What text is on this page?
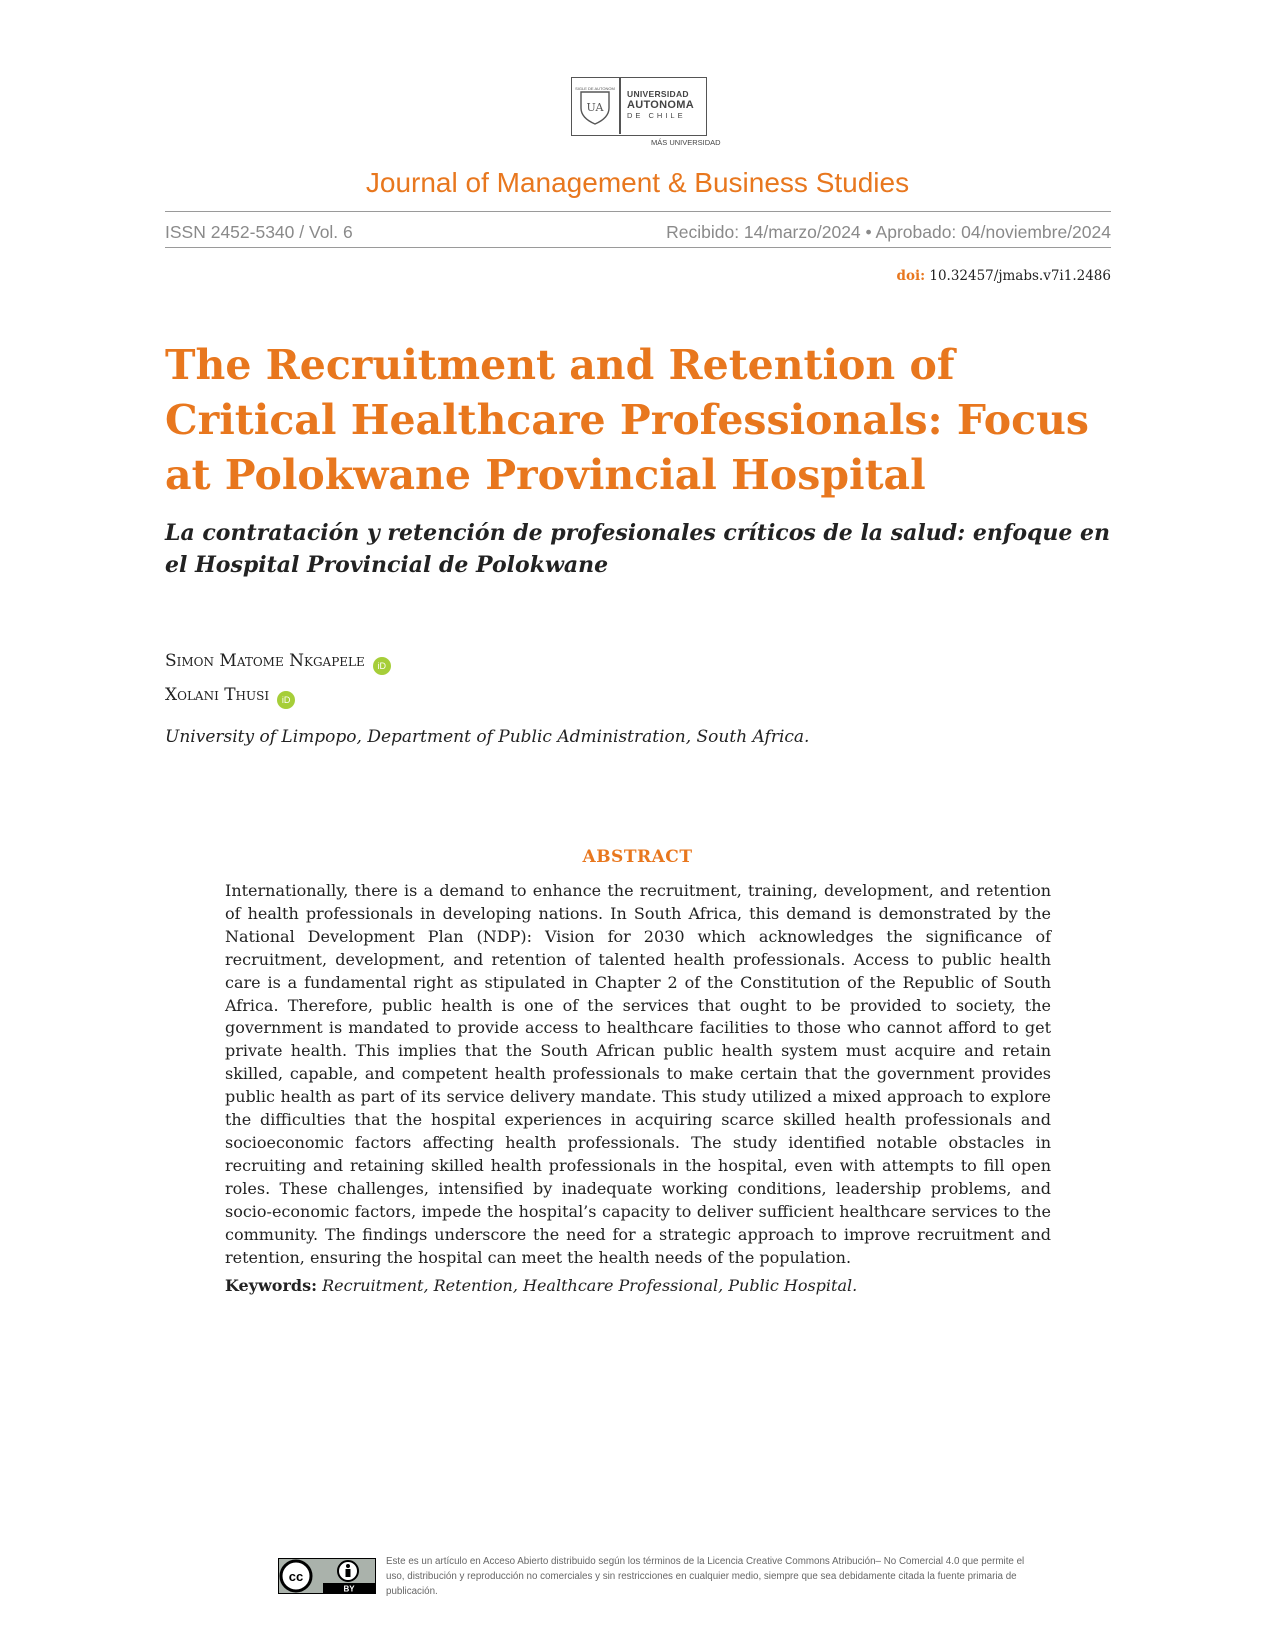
SIGLE DE AUTONOM
UA
UNIVERSIDAD
AUTONOMA
DE CHILE
MÁS UNIVERSIDAD
Journal of Management & Business Studies
ISSN 2452-5340 / Vol. 6	Recibido: 14/marzo/2024 • Aprobado: 04/noviembre/2024
doi: 10.32457/jmabs.v7i1.2486
The Recruitment and Retention of Critical Healthcare Professionals: Focus at Polokwane Provincial Hospital
La contratación y retención de profesionales críticos de la salud: enfoque en el Hospital Provincial de Polokwane
Simon Matome Nkgapele iD
Xolani Thusi iD
University of Limpopo, Department of Public Administration, South Africa.
ABSTRACT

Internationally, there is a demand to enhance the recruitment, training, development, and retention of health professionals in developing nations. In South Africa, this demand is demonstrated by the National Development Plan (NDP): Vision for 2030 which acknowledges the significance of recruitment, development, and retention of talented health professionals. Access to public health care is a fundamental right as stipulated in Chapter 2 of the Constitution of the Republic of South Africa. Therefore, public health is one of the services that ought to be provided to society, the government is mandated to provide access to healthcare facilities to those who cannot afford to get private health. This implies that the South African public health system must acquire and retain skilled, capable, and competent health professionals to make certain that the government provides public health as part of its service delivery mandate. This study utilized a mixed approach to explore the difficulties that the hospital experiences in acquiring scarce skilled health professionals and socioeconomic factors affecting health professionals. The study identified notable obstacles in recruiting and retaining skilled health professionals in the hospital, even with attempts to fill open roles. These challenges, intensified by inadequate working conditions, leadership problems, and socio-economic factors, impede the hospital’s capacity to deliver sufficient healthcare services to the community. The findings underscore the need for a strategic approach to improve recruitment and retention, ensuring the hospital can meet the health needs of the population.

Keywords: Recruitment, Retention, Healthcare Professional, Public Hospital.
cc
BY

Este es un artículo en Acceso Abierto distribuido según los términos de la Licencia Creative Commons Atribución– No Comercial 4.0 que permite el uso, distribución y reproducción no comerciales y sin restricciones en cualquier medio, siempre que sea debidamente citada la fuente primaria de publicación.
